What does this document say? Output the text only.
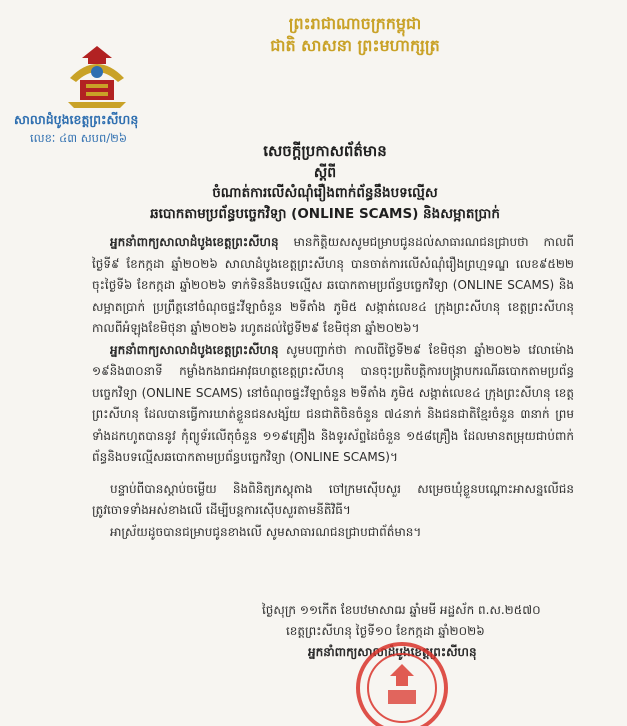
ព្រះរាជាណាចក្រកម្ពុជា
ជាតិ សាសនា ព្រះមហាក្សត្រ
សាលាដំបូងខេត្តព្រះសីហនុ
លេខៈ ៤៣ សបព/២៦
សេចក្តីប្រកាសព័ត៌មាន
ស្តីពី
ចំណាត់ការលើសំណុំរឿងពាក់ព័ន្ធនឹងបទល្មើស
ឆបោកតាមប្រព័ន្ធបច្ចេកវិទ្យា (ONLINE SCAMS) និងសម្អាតប្រាក់

អ្នកនាំពាក្យសាលាដំបូងខេត្តព្រះសីហនុ មានកិត្តិយសសូមជម្រាបជូនដល់សាធារណជនជ្រាបថា កាលពីថ្ងៃទី៩ ខែកក្កដា ឆ្នាំ២០២៦ សាលាដំបូងខេត្តព្រះសីហនុ បានចាត់ការលើសំណុំរឿងព្រហ្មទណ្ឌ លេខ៩៥២២ ចុះថ្ងៃទី៦ ខែកក្កដា ឆ្នាំ២០២៦ ទាក់ទិននឹងបទល្មើស ឆបោកតាមប្រព័ន្ធបច្ចេកវិទ្យា (ONLINE SCAMS) និងសម្អាតប្រាក់ ប្រព្រឹត្តនៅចំណុចផ្ទះវីឡាចំនួន ២ទីតាំង ភូមិ៥ សង្កាត់លេខ៤ ក្រុងព្រះសីហនុ ខេត្តព្រះសីហនុ កាលពីអំឡុងខែមិថុនា ឆ្នាំ២០២៦ រហូតដល់ថ្ងៃទី២៩ ខែមិថុនា ឆ្នាំ២០២៦។

អ្នកនាំពាក្យសាលាដំបូងខេត្តព្រះសីហនុ សូមបញ្ជាក់ថា កាលពីថ្ងៃទី២៩ ខែមិថុនា ឆ្នាំ២០២៦ វេលាម៉ោង ១៩និង៣០នាទី កម្លាំងកងរាជអាវុធហត្ថខេត្តព្រះសីហនុ បានចុះប្រតិបត្តិការបង្ក្រាបករណីឆបោកតាមប្រព័ន្ធបច្ចេកវិទ្យា (ONLINE SCAMS) នៅចំណុចផ្ទះវីឡាចំនួន ២ទីតាំង ភូមិ៥ សង្កាត់លេខ៤ ក្រុងព្រះសីហនុ ខេត្តព្រះសីហនុ ដែលបានធ្វើការឃាត់ខ្លួនជនសង្ស័យ ជនជាតិចិនចំនួន ៧៤នាក់ និងជនជាតិខ្មែរចំនួន ៣នាក់ ព្រមទាំងដកហូតបាននូវ កុំព្យូទ័រលើតុចំនួន ១១៩គ្រឿង និងទូរស័ព្ទដៃចំនួន ១៥៨គ្រឿង ដែលមានតម្រុយជាប់ពាក់ព័ន្ធនិងបទល្មើសឆបោកតាមប្រព័ន្ធបច្ចេកវិទ្យា (ONLINE SCAMS)។

បន្ទាប់ពីបានស្តាប់ចម្លើយ និងពិនិត្យភស្តុតាង ចៅក្រមស៊ើបសួរ សម្រេចឃុំខ្លួនបណ្តោះអាសន្នលើជនត្រូវចោទទាំងអស់ខាងលើ ដើម្បីបន្តការស៊ើបសួរតាមនីតិវិធី។

អាស្រ័យដូចបានជម្រាបជូនខាងលើ សូមសាធារណជនជ្រាបជាព័ត៌មាន។

ថ្ងៃសុក្រ ១១កើត ខែបឋមាសាឍ ឆ្នាំមមី អដ្ឋស័ក ព.ស.២៥៧០
ខេត្តព្រះសីហនុ ថ្ងៃទី១០ ខែកក្កដា ឆ្នាំ២០២៦
អ្នកនាំពាក្យសាលាដំបូងខេត្តព្រះសីហនុ
